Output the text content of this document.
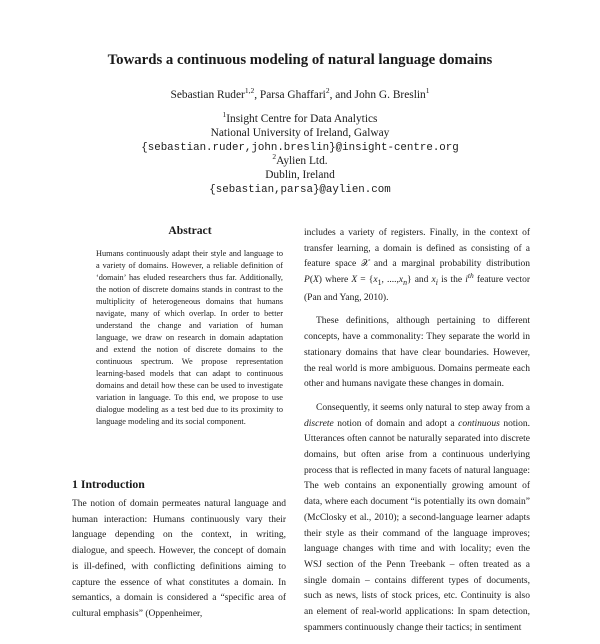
Towards a continuous modeling of natural language domains
Sebastian Ruder$^{1,2}$, Parsa Ghaffari$^2$, and John G. Breslin$^1$
$^1$Insight Centre for Data Analytics
National University of Ireland, Galway
{sebastian.ruder,john.breslin}@insight-centre.org
$^2$Aylien Ltd.
Dublin, Ireland
{sebastian,parsa}@aylien.com
Abstract
Humans continuously adapt their style and language to a variety of domains. However, a reliable definition of ‘domain’ has eluded researchers thus far. Additionally, the notion of discrete domains stands in contrast to the multiplicity of heterogeneous domains that humans navigate, many of which overlap. In order to better understand the change and variation of human language, we draw on research in domain adaptation and extend the notion of discrete domains to the continuous spectrum. We propose representation learning-based models that can adapt to continuous domains and detail how these can be used to investigate variation in language. To this end, we propose to use dialogue modeling as a test bed due to its proximity to language modeling and its social component.
1 Introduction

The notion of domain permeates natural language and human interaction: Humans continuously vary their language depending on the context, in writing, dialogue, and speech. However, the concept of domain is ill-defined, with conflicting definitions aiming to capture the essence of what constitutes a domain. In semantics, a domain is considered a “specific area of cultural emphasis” (Oppenheimer,

includes a variety of registers. Finally, in the context of transfer learning, a domain is defined as consisting of a feature space 𝒳 and a marginal probability distribution P(X) where $X = \{x_1$, $....,x_n$} and $x_i$ is the $i^{th}$ feature vector (Pan and Yang, 2010).

These definitions, although pertaining to different concepts, have a commonality: They separate the world in stationary domains that have clear boundaries. However, the real world is more ambiguous. Domains permeate each other and humans navigate these changes in domain.

Consequently, it seems only natural to step away from a discrete notion of domain and adopt a continuous notion. Utterances often cannot be naturally separated into discrete domains, but often arise from a continuous underlying process that is reflected in many facets of natural language: The web contains an exponentially growing amount of data, where each document “is potentially its own domain” (McClosky et al., 2010); a second-language learner adapts their style as their command of the language improves; language changes with time and with locality; even the WSJ section of the Penn Treebank – often treated as a single domain – contains different types of documents, such as news, lists of stock prices, etc. Continuity is also an element of real-world applications: In spam detection, spammers continuously change their tactics; in sentiment
